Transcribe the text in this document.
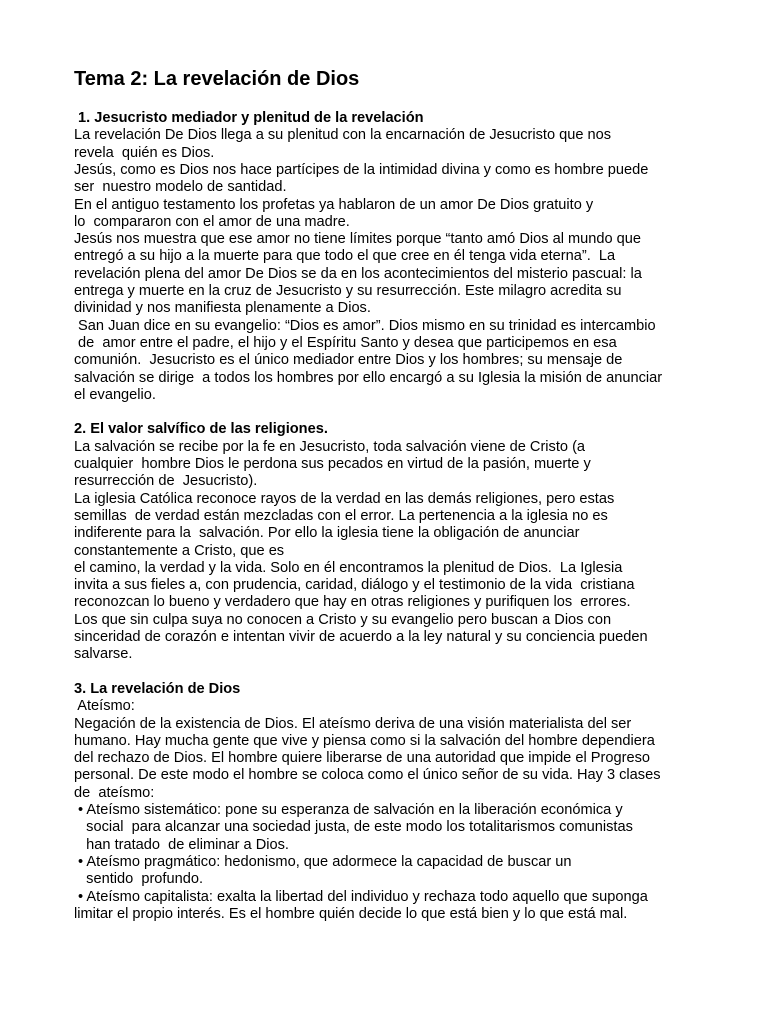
Tema 2: La revelación de Dios
1. Jesucristo mediador y plenitud de la revelación
La revelación De Dios llega a su plenitud con la encarnación de Jesucristo que nos
revela  quién es Dios.
Jesús, como es Dios nos hace partícipes de la intimidad divina y como es hombre puede
ser  nuestro modelo de santidad.
En el antiguo testamento los profetas ya hablaron de un amor De Dios gratuito y
lo  compararon con el amor de una madre.
Jesús nos muestra que ese amor no tiene límites porque “tanto amó Dios al mundo que
entregó a su hijo a la muerte para que todo el que cree en él tenga vida eterna”.  La
revelación plena del amor De Dios se da en los acontecimientos del misterio pascual: la
entrega y muerte en la cruz de Jesucristo y su resurrección. Este milagro acredita su
divinidad y nos manifiesta plenamente a Dios.
San Juan dice en su evangelio: “Dios es amor”. Dios mismo en su trinidad es intercambio
de  amor entre el padre, el hijo y el Espíritu Santo y desea que participemos en esa
comunión.  Jesucristo es el único mediador entre Dios y los hombres; su mensaje de
salvación se dirige  a todos los hombres por ello encargó a su Iglesia la misión de anunciar
el evangelio.
2. El valor salvífico de las religiones.
La salvación se recibe por la fe en Jesucristo, toda salvación viene de Cristo (a
cualquier  hombre Dios le perdona sus pecados en virtud de la pasión, muerte y
resurrección de  Jesucristo).
La iglesia Católica reconoce rayos de la verdad en las demás religiones, pero estas
semillas  de verdad están mezcladas con el error. La pertenencia a la iglesia no es
indiferente para la  salvación. Por ello la iglesia tiene la obligación de anunciar
constantemente a Cristo, que es
el camino, la verdad y la vida. Solo en él encontramos la plenitud de Dios.  La Iglesia
invita a sus fieles a, con prudencia, caridad, diálogo y el testimonio de la vida  cristiana
reconozcan lo bueno y verdadero que hay en otras religiones y purifiquen los  errores.
Los que sin culpa suya no conocen a Cristo y su evangelio pero buscan a Dios con
sinceridad de corazón e intentan vivir de acuerdo a la ley natural y su conciencia pueden
salvarse.
3. La revelación de Dios
Ateísmo:
Negación de la existencia de Dios. El ateísmo deriva de una visión materialista del ser
humano. Hay mucha gente que vive y piensa como si la salvación del hombre dependiera
del rechazo de Dios. El hombre quiere liberarse de una autoridad que impide el Progreso
personal. De este modo el hombre se coloca como el único señor de su vida. Hay 3 clases
de  ateísmo:
• Ateísmo sistemático: pone su esperanza de salvación en la liberación económica y
social  para alcanzar una sociedad justa, de este modo los totalitarismos comunistas
han tratado  de eliminar a Dios.
• Ateísmo pragmático: hedonismo, que adormece la capacidad de buscar un
sentido  profundo.
• Ateísmo capitalista: exalta la libertad del individuo y rechaza todo aquello que suponga
limitar el propio interés. Es el hombre quién decide lo que está bien y lo que está mal.
